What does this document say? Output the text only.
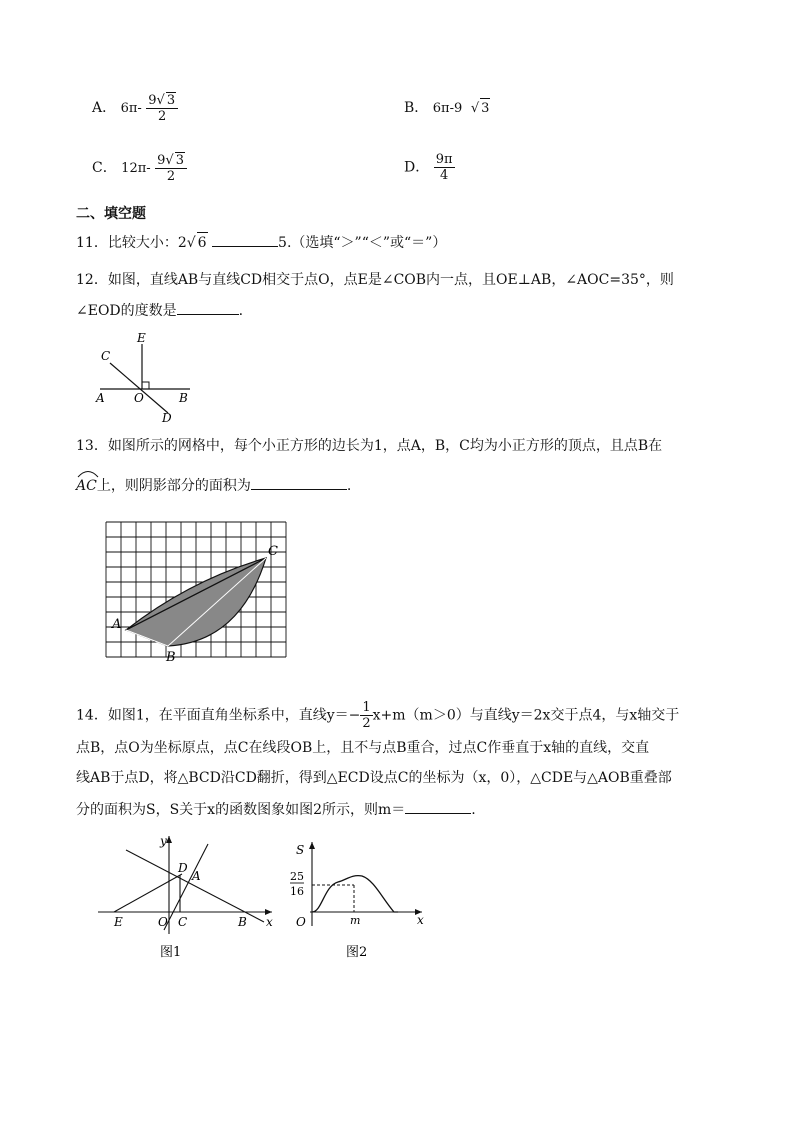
A． $6\pi- \frac{9√ 3}{2}$	B． 6π-9  √ 3
C． $12\pi- \frac{9√ 3}{2}$	D． $\frac{9\pi}{4}$
二、填空题
11．比较大小：2√ 6	5.（选填“＞”“＜”或“＝”）
12．如图，直线AB与直线CD相交于点O，点E是∠COB内一点，且OE⊥AB，∠AOC=35°，则
∠EOD的度数是	.
E
C
A O	B
D
13．如图所示的网格中，每个小正方形的边长为1，点A，B，C均为小正方形的顶点，且点B在
AC上，则阴影部分的面积为	.
A
B
C
14．如图1，在平面直角坐标系中，直线$y=- \frac{1}{2} x+m(m>0)$与直线y＝2x交于点4，与x轴交于
点B，点O为坐标原点，点C在线段OB上，且不与点B重合，过点C作垂直于x轴的直线，交直
线AB于点D，将△BCD沿CD翻折，得到△ECD设点C的坐标为（x，0），△CDE与△AOB重叠部
分的面积为S，S关于x的函数图象如图2所示，则m＝	.
y
D
A
E	O C	B x
图1
S
25
16
O	m	x
图2
